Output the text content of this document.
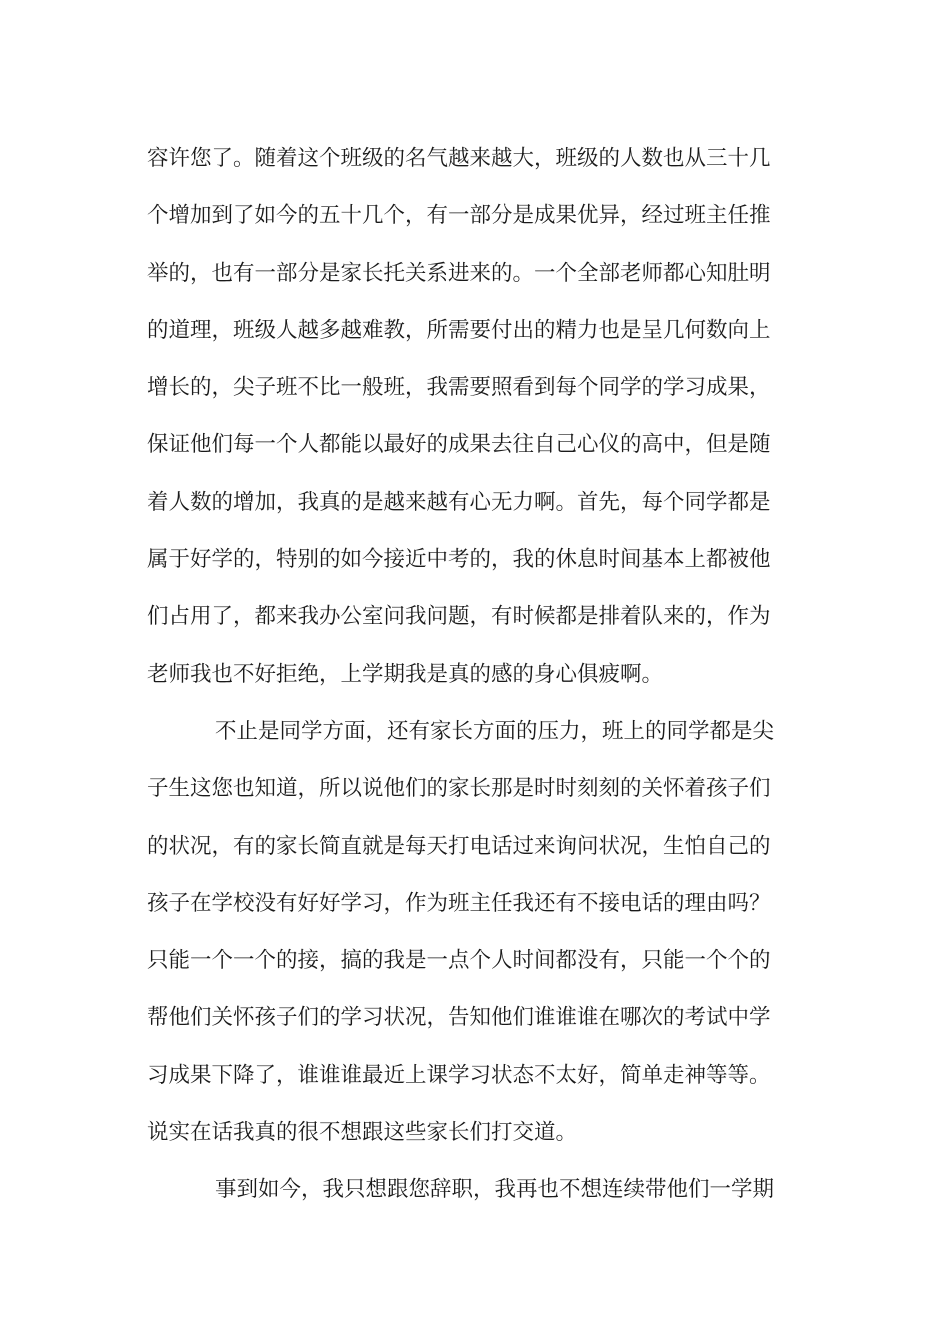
容许您了。随着这个班级的名气越来越大，班级的人数也从三十几
个增加到了如今的五十几个，有一部分是成果优异，经过班主任推
举的，也有一部分是家长托关系进来的。一个全部老师都心知肚明
的道理，班级人越多越难教，所需要付出的精力也是呈几何数向上
增长的，尖子班不比一般班，我需要照看到每个同学的学习成果，
保证他们每一个人都能以最好的成果去往自己心仪的高中，但是随
着人数的增加，我真的是越来越有心无力啊。首先，每个同学都是
属于好学的，特别的如今接近中考的，我的休息时间基本上都被他
们占用了，都来我办公室问我问题，有时候都是排着队来的，作为
老师我也不好拒绝，上学期我是真的感的身心俱疲啊。
不止是同学方面，还有家长方面的压力，班上的同学都是尖
子生这您也知道，所以说他们的家长那是时时刻刻的关怀着孩子们
的状况，有的家长简直就是每天打电话过来询问状况，生怕自己的
孩子在学校没有好好学习，作为班主任我还有不接电话的理由吗？
只能一个一个的接，搞的我是一点个人时间都没有，只能一个个的
帮他们关怀孩子们的学习状况，告知他们谁谁谁在哪次的考试中学
习成果下降了，谁谁谁最近上课学习状态不太好，简单走神等等。
说实在话我真的很不想跟这些家长们打交道。
事到如今，我只想跟您辞职，我再也不想连续带他们一学期
